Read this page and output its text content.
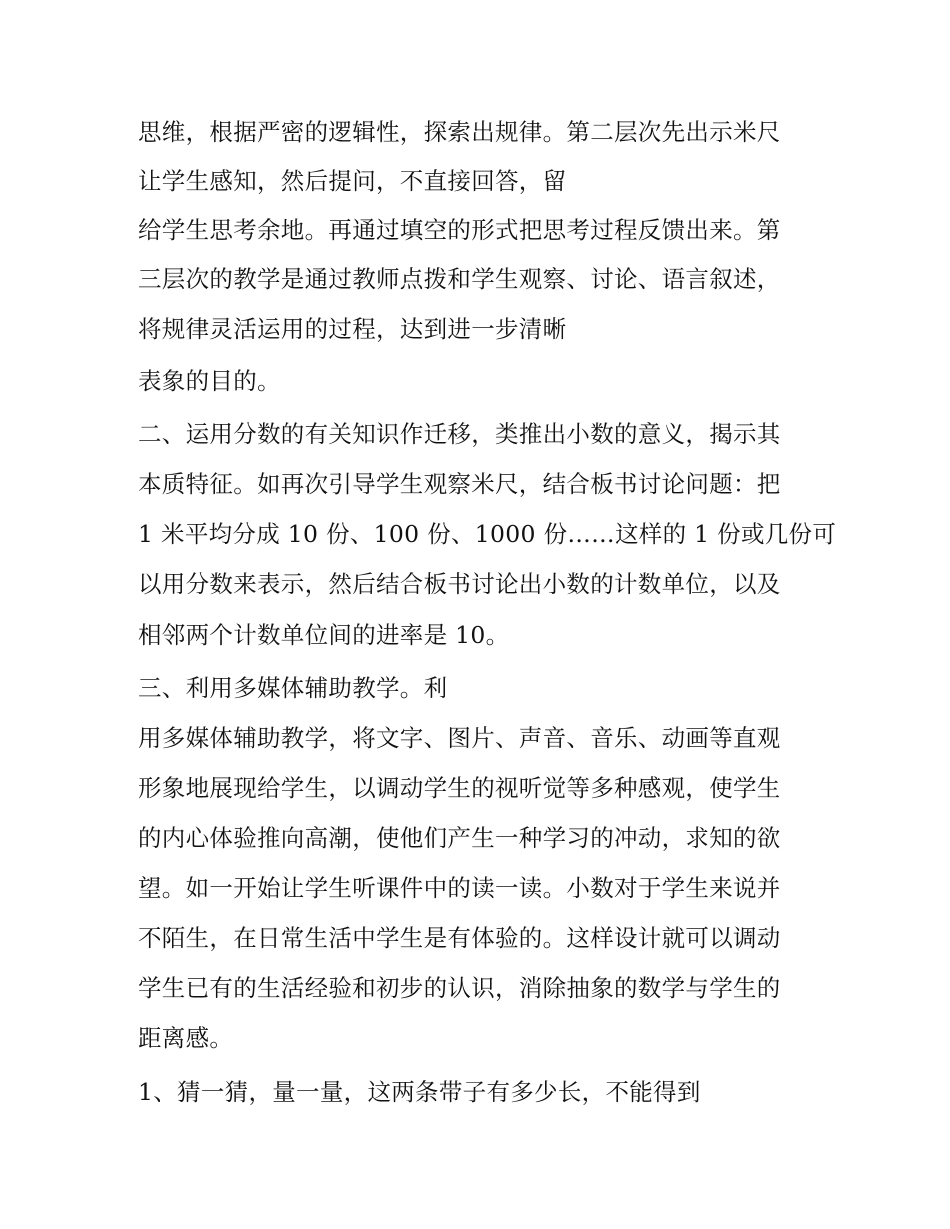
思维，根据严密的逻辑性，探索出规律。第二层次先出示米尺
让学生感知，然后提问，不直接回答，留
给学生思考余地。再通过填空的形式把思考过程反馈出来。第
三层次的教学是通过教师点拨和学生观察、讨论、语言叙述，
将规律灵活运用的过程，达到进一步清晰
表象的目的。
二、运用分数的有关知识作迁移，类推出小数的意义，揭示其
本质特征。如再次引导学生观察米尺，结合板书讨论问题：把
1 米平均分成 10 份、100 份、1000 份……这样的 1 份或几份可
以用分数来表示，然后结合板书讨论出小数的计数单位，以及
相邻两个计数单位间的进率是 10。
三、利用多媒体辅助教学。利
用多媒体辅助教学，将文字、图片、声音、音乐、动画等直观
形象地展现给学生，以调动学生的视听觉等多种感观，使学生
的内心体验推向高潮，使他们产生一种学习的冲动，求知的欲
望。如一开始让学生听课件中的读一读。小数对于学生来说并
不陌生，在日常生活中学生是有体验的。这样设计就可以调动
学生已有的生活经验和初步的认识，消除抽象的数学与学生的
距离感。
1、猜一猜，量一量，这两条带子有多少长，不能得到
